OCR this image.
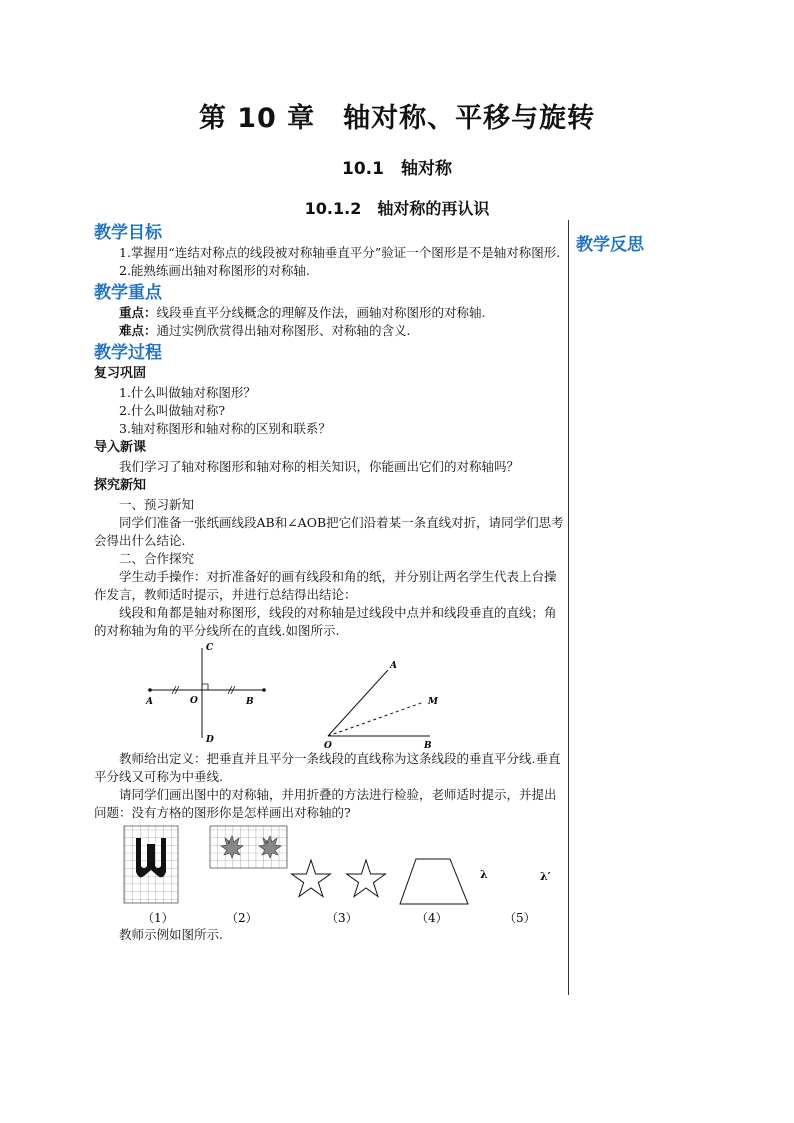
第 10 章　轴对称、平移与旋转
10.1　轴对称
10.1.2　轴对称的再认识
教学反思
教学目标

1.掌握用“连结对称点的线段被对称轴垂直平分”验证一个图形是不是轴对称图形.

2.能熟练画出轴对称图形的对称轴.

教学重点

重点：线段垂直平分线概念的理解及作法，画轴对称图形的对称轴.

难点：通过实例欣赏得出轴对称图形、对称轴的含义.

教学过程
复习巩固

1.什么叫做轴对称图形？

2.什么叫做轴对称?

3.轴对称图形和轴对称的区别和联系？

导入新课

我们学习了轴对称图形和轴对称的相关知识，你能画出它们的对称轴吗？

探究新知

一、预习新知

同学们准备一张纸画线段AB和∠AOB把它们沿着某一条直线对折，请同学们思考会得出什么结论.

二、合作探究

学生动手操作：对折准备好的画有线段和角的纸，并分别让两名学生代表上台操作发言，教师适时提示，并进行总结得出结论：

线段和角都是轴对称图形，线段的对称轴是过线段中点并和线段垂直的直线；角的对称轴为角的平分线所在的直线.如图所示.

A	B
C
D
O
O	B
A
M

教师给出定义：把垂直并且平分一条线段的直线称为这条线段的垂直平分线.垂直平分线又可称为中垂线.

请同学们画出图中的对称轴，并用折叠的方法进行检验，老师适时提示，并提出问题：没有方格的图形你是怎样画出对称轴的?

λ	λ′
（1）	（2）	（3）	（4）	（5）

教师示例如图所示.
